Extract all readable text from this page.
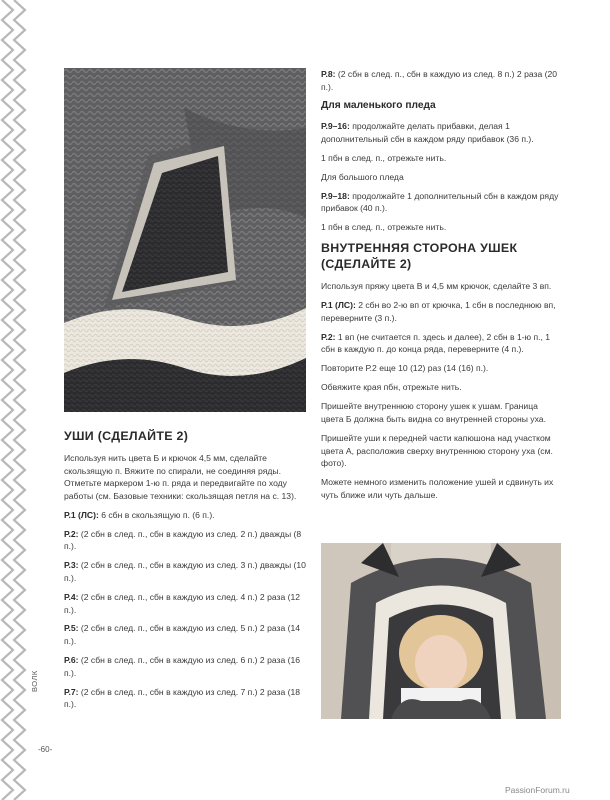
УШИ (СДЕЛАЙТЕ 2)

Используя нить цвета Б и крючок 4,5 мм, сделайте скользящую п. Вяжите по спирали, не соединяя ряды. Отметьте маркером 1-ю п. ряда и передвигайте по ходу работы (см. Базовые техники: скользящая петля на с. 13).

Р.1 (ЛС): 6 сбн в скользящую п. (6 п.).

Р.2: (2 сбн в след. п., сбн в каждую из след. 2 п.) дважды (8 п.).

Р.3: (2 сбн в след. п., сбн в каждую из след. 3 п.) дважды (10 п.).

Р.4: (2 сбн в след. п., сбн в каждую из след. 4 п.) 2 раза (12 п.).

Р.5: (2 сбн в след. п., сбн в каждую из след. 5 п.) 2 раза (14 п.).

Р.6: (2 сбн в след. п., сбн в каждую из след. 6 п.) 2 раза (16 п.).

Р.7: (2 сбн в след. п., сбн в каждую из след. 7 п.) 2 раза (18 п.).

Р.8: (2 сбн в след. п., сбн в каждую из след. 8 п.) 2 раза (20 п.).

Для маленького пледа

Р.9–16: продолжайте делать прибавки, делая 1 дополнительный сбн в каждом ряду прибавок (36 п.).

1 пбн в след. п., отрежьте нить.

Для большого пледа

Р.9–18: продолжайте 1 дополнительный сбн в каждом ряду прибавок (40 п.).

1 пбн в след. п., отрежьте нить.

ВНУТРЕННЯЯ СТОРОНА УШЕК (СДЕЛАЙТЕ 2)

Используя пряжу цвета В и 4,5 мм крючок, сделайте 3 вп.

Р.1 (ЛС): 2 сбн во 2-ю вп от крючка, 1 сбн в последнюю вп, переверните (3 п.).

Р.2: 1 вп (не считается п. здесь и далее), 2 сбн в 1-ю п., 1 сбн в каждую п. до конца ряда, переверните (4 п.).

Повторите Р.2 еще 10 (12) раз (14 (16) п.).

Обвяжите края пбн, отрежьте нить.

Пришейте внутреннюю сторону ушек к ушам. Граница цвета Б должна быть видна со внутренней стороны уха.

Пришейте уши к передней части капюшона над участком цвета А, расположив сверху внутреннюю сторону уха (см. фото).

Можете немного изменить положение ушей и сдвинуть их чуть ближе или чуть дальше.

ВОЛК
-60-
PassionForum.ru
